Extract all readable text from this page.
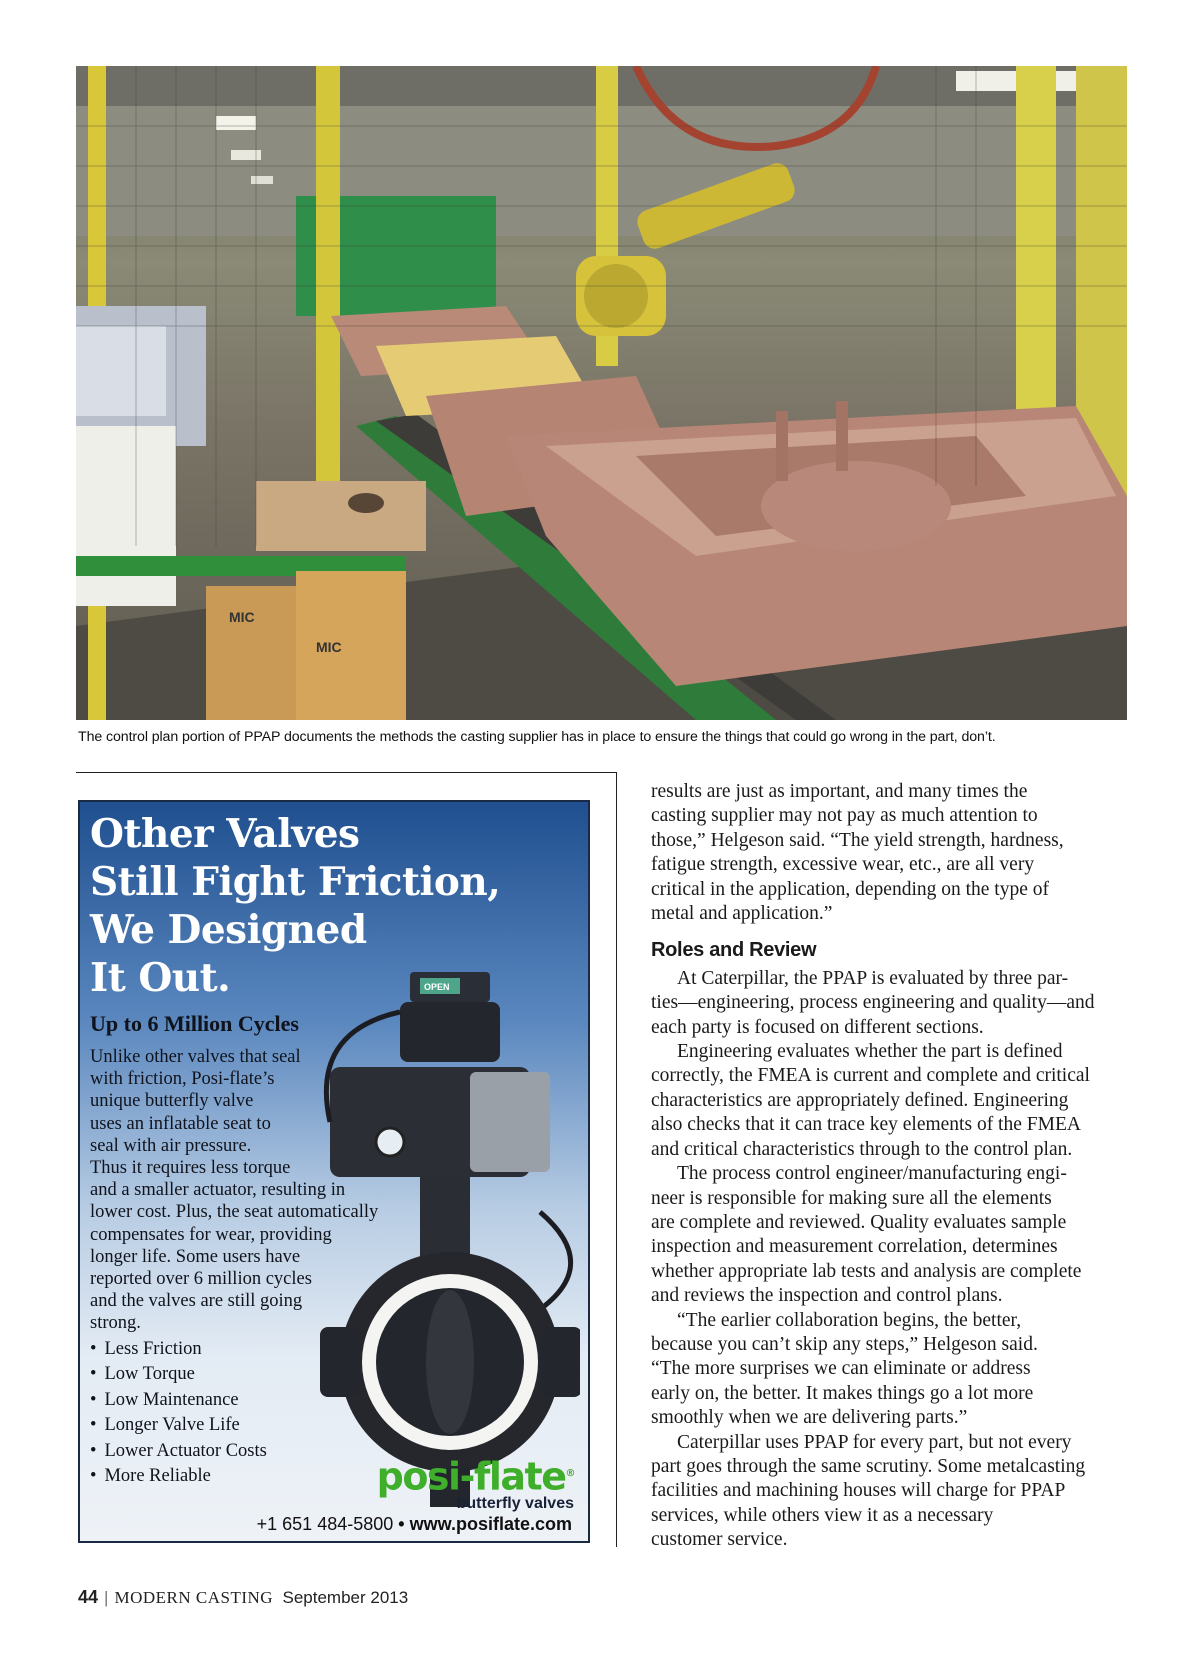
MIC
MIC
The control plan portion of PPAP documents the methods the casting supplier has in place to ensure the things that could go wrong in the part, don’t.
Other Valves
Still Fight Friction,
We Designed
It Out.	OPEN
Up to 6 Million Cycles
Unlike other valves that seal
with friction, Posi-flate’s
unique butterfly valve
uses an inflatable seat to
seal with air pressure.
Thus it requires less torque
and a smaller actuator, resulting in
lower cost. Plus, the seat automatically
compensates for wear, providing
longer life. Some users have
reported over 6 million cycles
and the valves are still going
strong.
• Less Friction
• Low Torque
• Low Maintenance
• Longer Valve Life
• Lower Actuator Costs
• More Reliable	posi-flate®
butterfly valves
+1 651 484-5800 • www.posiflate.com
results are just as important, and many times the
casting supplier may not pay as much attention to
those,” Helgeson said. “The yield strength, hardness,
fatigue strength, excessive wear, etc., are all very
critical in the application, depending on the type of
metal and application.”
Roles and Review
At Caterpillar, the PPAP is evaluated by three par-
ties—engineering, process engineering and quality—and
each party is focused on different sections.
Engineering evaluates whether the part is defined
correctly, the FMEA is current and complete and critical
characteristics are appropriately defined. Engineering
also checks that it can trace key elements of the FMEA
and critical characteristics through to the control plan.
The process control engineer/manufacturing engi-
neer is responsible for making sure all the elements
are complete and reviewed. Quality evaluates sample
inspection and measurement correlation, determines
whether appropriate lab tests and analysis are complete
and reviews the inspection and control plans.
“The earlier collaboration begins, the better,
because you can’t skip any steps,” Helgeson said.
“The more surprises we can eliminate or address
early on, the better. It makes things go a lot more
smoothly when we are delivering parts.”
Caterpillar uses PPAP for every part, but not every
part goes through the same scrutiny. Some metalcasting
facilities and machining houses will charge for PPAP
services, while others view it as a necessary
customer service.
44 | MODERN CASTING September 2013
